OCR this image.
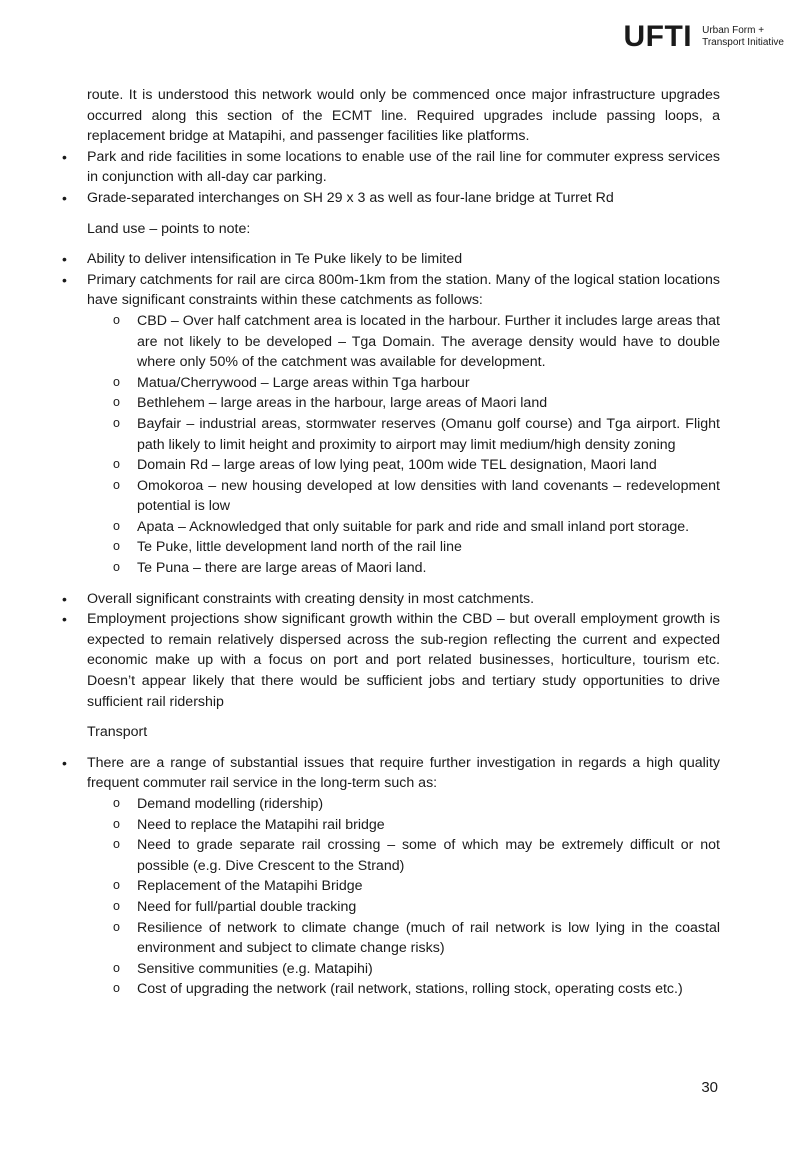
UFTI Urban Form +
Transport Initiative

route. It is understood this network would only be commenced once major infrastructure upgrades occurred along this section of the ECMT line. Required upgrades include passing loops, a replacement bridge at Matapihi, and passenger facilities like platforms.

• Park and ride facilities in some locations to enable use of the rail line for commuter express services in conjunction with all-day car parking.
• Grade-separated interchanges on SH 29 x 3 as well as four-lane bridge at Turret Rd

Land use – points to note:

• Ability to deliver intensification in Te Puke likely to be limited
• Primary catchments for rail are circa 800m-1km from the station. Many of the logical station locations have significant constraints within these catchments as follows:
o CBD – Over half catchment area is located in the harbour. Further it includes large areas that are not likely to be developed – Tga Domain. The average density would have to double where only 50% of the catchment was available for development.
o Matua/Cherrywood – Large areas within Tga harbour
o Bethlehem – large areas in the harbour, large areas of Maori land
o Bayfair – industrial areas, stormwater reserves (Omanu golf course) and Tga airport. Flight path likely to limit height and proximity to airport may limit medium/high density zoning
o Domain Rd – large areas of low lying peat, 100m wide TEL designation, Maori land
o Omokoroa – new housing developed at low densities with land covenants – redevelopment potential is low
o Apata – Acknowledged that only suitable for park and ride and small inland port storage.
o Te Puke, little development land north of the rail line
o Te Puna – there are large areas of Maori land.
• Overall significant constraints with creating density in most catchments.
• Employment projections show significant growth within the CBD – but overall employment growth is expected to remain relatively dispersed across the sub-region reflecting the current and expected economic make up with a focus on port and port related businesses, horticulture, tourism etc. Doesn’t appear likely that there would be sufficient jobs and tertiary study opportunities to drive sufficient rail ridership

Transport

• There are a range of substantial issues that require further investigation in regards a high quality frequent commuter rail service in the long-term such as:
o Demand modelling (ridership)
o Need to replace the Matapihi rail bridge
o Need to grade separate rail crossing – some of which may be extremely difficult or not possible (e.g. Dive Crescent to the Strand)
o Replacement of the Matapihi Bridge
o Need for full/partial double tracking
o Resilience of network to climate change (much of rail network is low lying in the coastal environment and subject to climate change risks)
o Sensitive communities (e.g. Matapihi)
o Cost of upgrading the network (rail network, stations, rolling stock, operating costs etc.)
30
